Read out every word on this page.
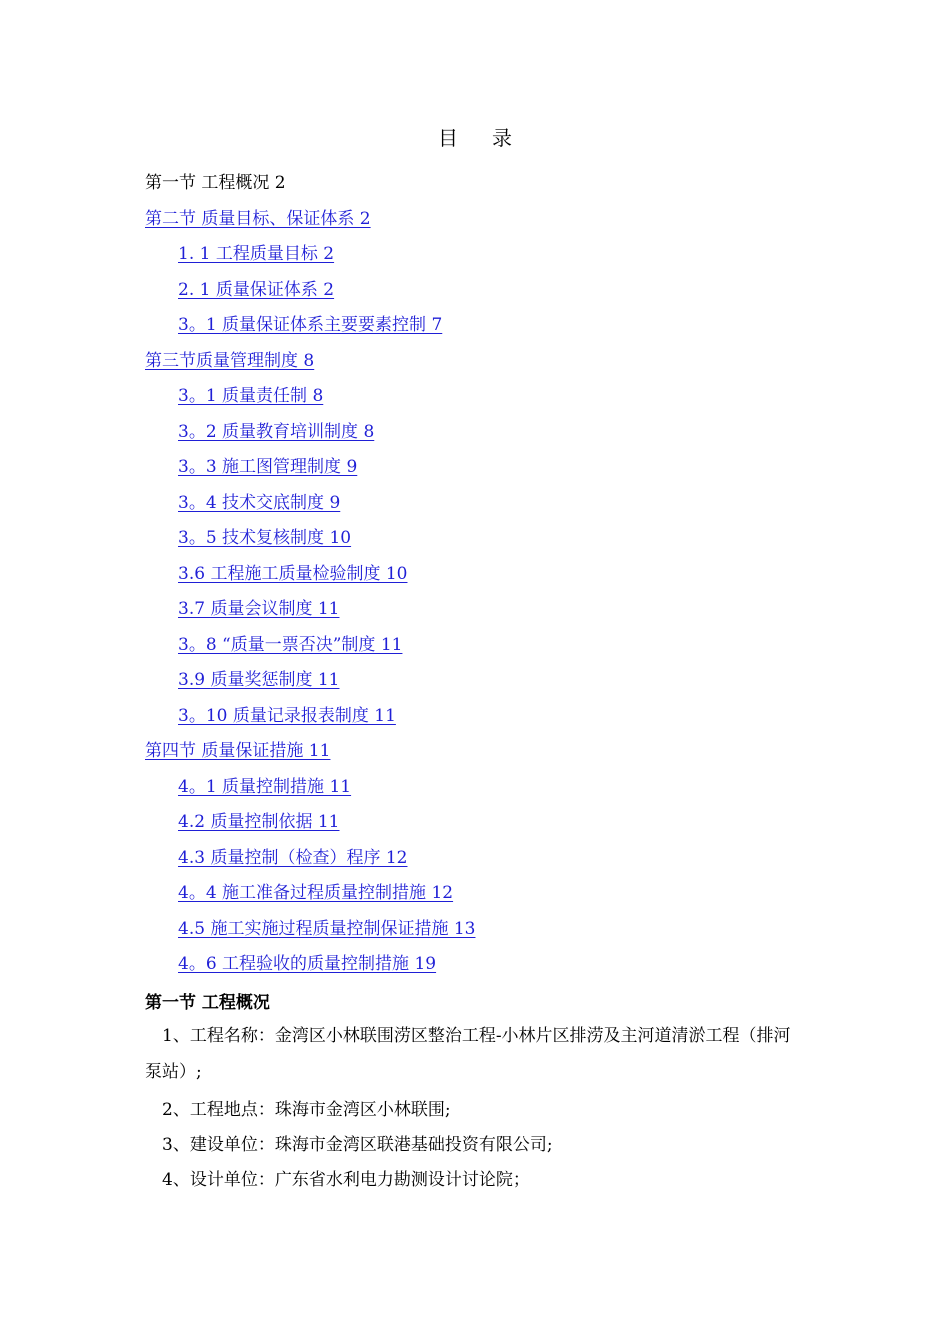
目 录
第一节 工程概况 2
第二节 质量目标、保证体系 2
1. 1 工程质量目标 2
2. 1 质量保证体系 2
3。1 质量保证体系主要要素控制 7
第三节质量管理制度 8
3。1 质量责任制 8
3。2 质量教育培训制度 8
3。3 施工图管理制度 9
3。4 技术交底制度 9
3。5 技术复核制度 10
3.6 工程施工质量检验制度 10
3.7 质量会议制度 11
3。8 “质量一票否决”制度 11
3.9 质量奖惩制度 11
3。10 质量记录报表制度 11
第四节 质量保证措施 11
4。1 质量控制措施 11
4.2 质量控制依据 11
4.3 质量控制（检查）程序 12
4。4 施工准备过程质量控制措施 12
4.5 施工实施过程质量控制保证措施 13
4。6 工程验收的质量控制措施 19
第一节 工程概况

1、工程名称：金湾区小林联围涝区整治工程-小林片区排涝及主河道清淤工程（排河泵站）;

2、工程地点：珠海市金湾区小林联围;

3、建设单位：珠海市金湾区联港基础投资有限公司;

4、设计单位：广东省水利电力勘测设计讨论院；
